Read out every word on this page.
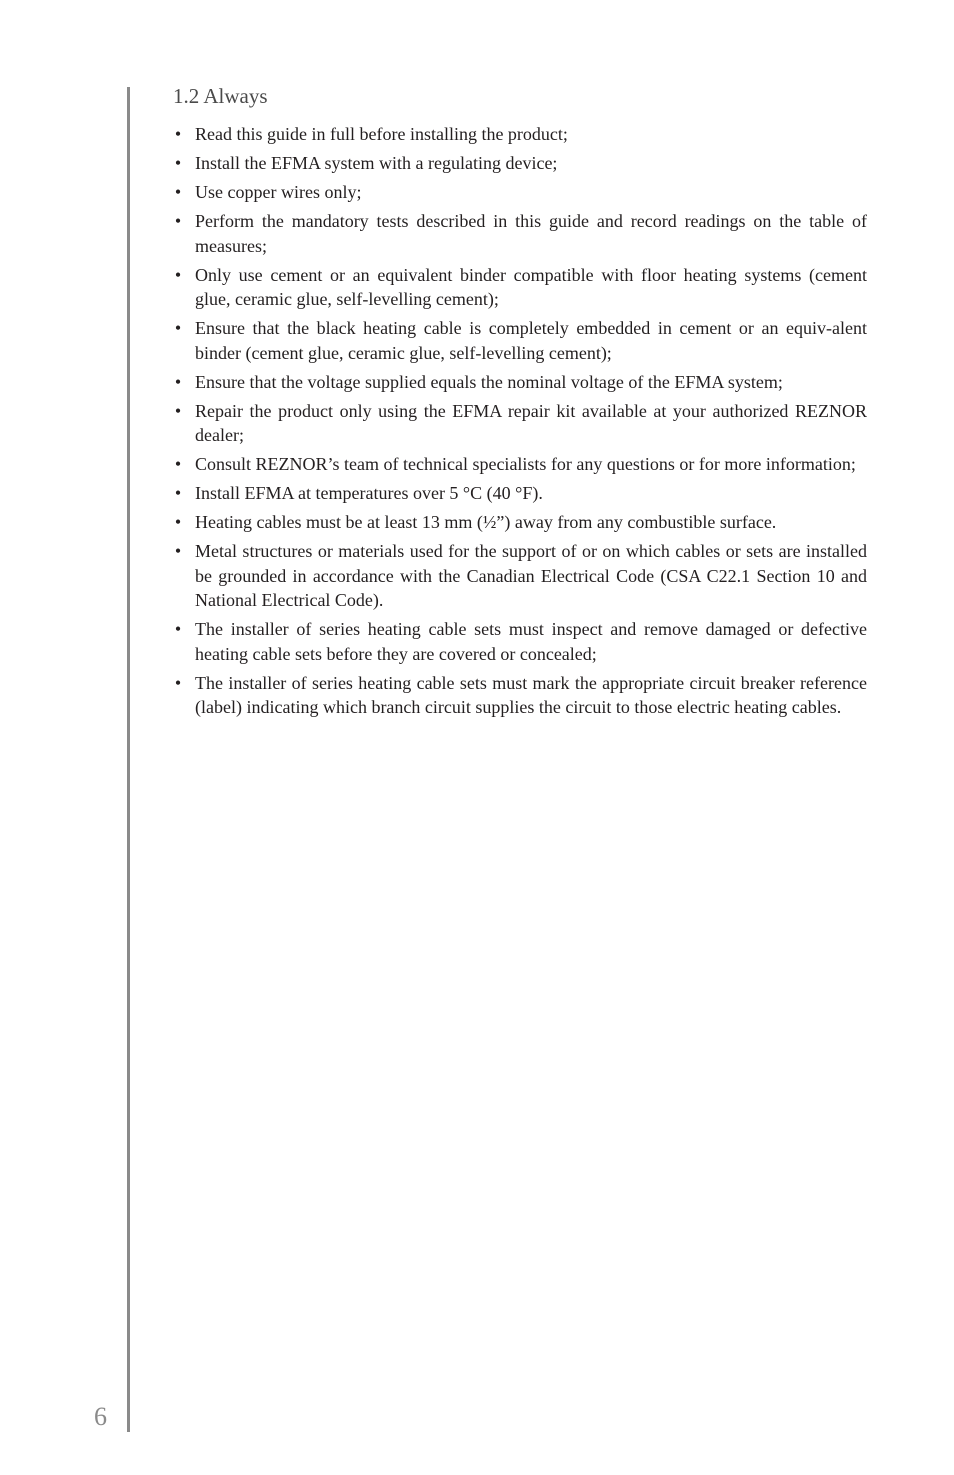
1.2 Always
• Read this guide in full before installing the product;
• Install the EFMA system with a regulating device;
• Use copper wires only;
• Perform the mandatory tests described in this guide and record readings on the table of measures;
• Only use cement or an equivalent binder compatible with floor heating systems (cement glue, ceramic glue, self-levelling cement);
• Ensure that the black heating cable is completely embedded in cement or an equiv-alent binder (cement glue, ceramic glue, self-levelling cement);
• Ensure that the voltage supplied equals the nominal voltage of the EFMA system;
• Repair the product only using the EFMA repair kit available at your authorized REZNOR dealer;
• Consult REZNOR’s team of technical specialists for any questions or for more information;
• Install EFMA at temperatures over 5 °C (40 °F).
• Heating cables must be at least 13 mm (½”) away from any combustible surface.
• Metal structures or materials used for the support of or on which cables or sets are installed be grounded in accordance with the Canadian Electrical Code (CSA C22.1 Section 10 and National Electrical Code).
• The installer of series heating cable sets must inspect and remove damaged or defective heating cable sets before they are covered or concealed;
• The installer of series heating cable sets must mark the appropriate circuit breaker reference (label) indicating which branch circuit supplies the circuit to those electric heating cables.
6
